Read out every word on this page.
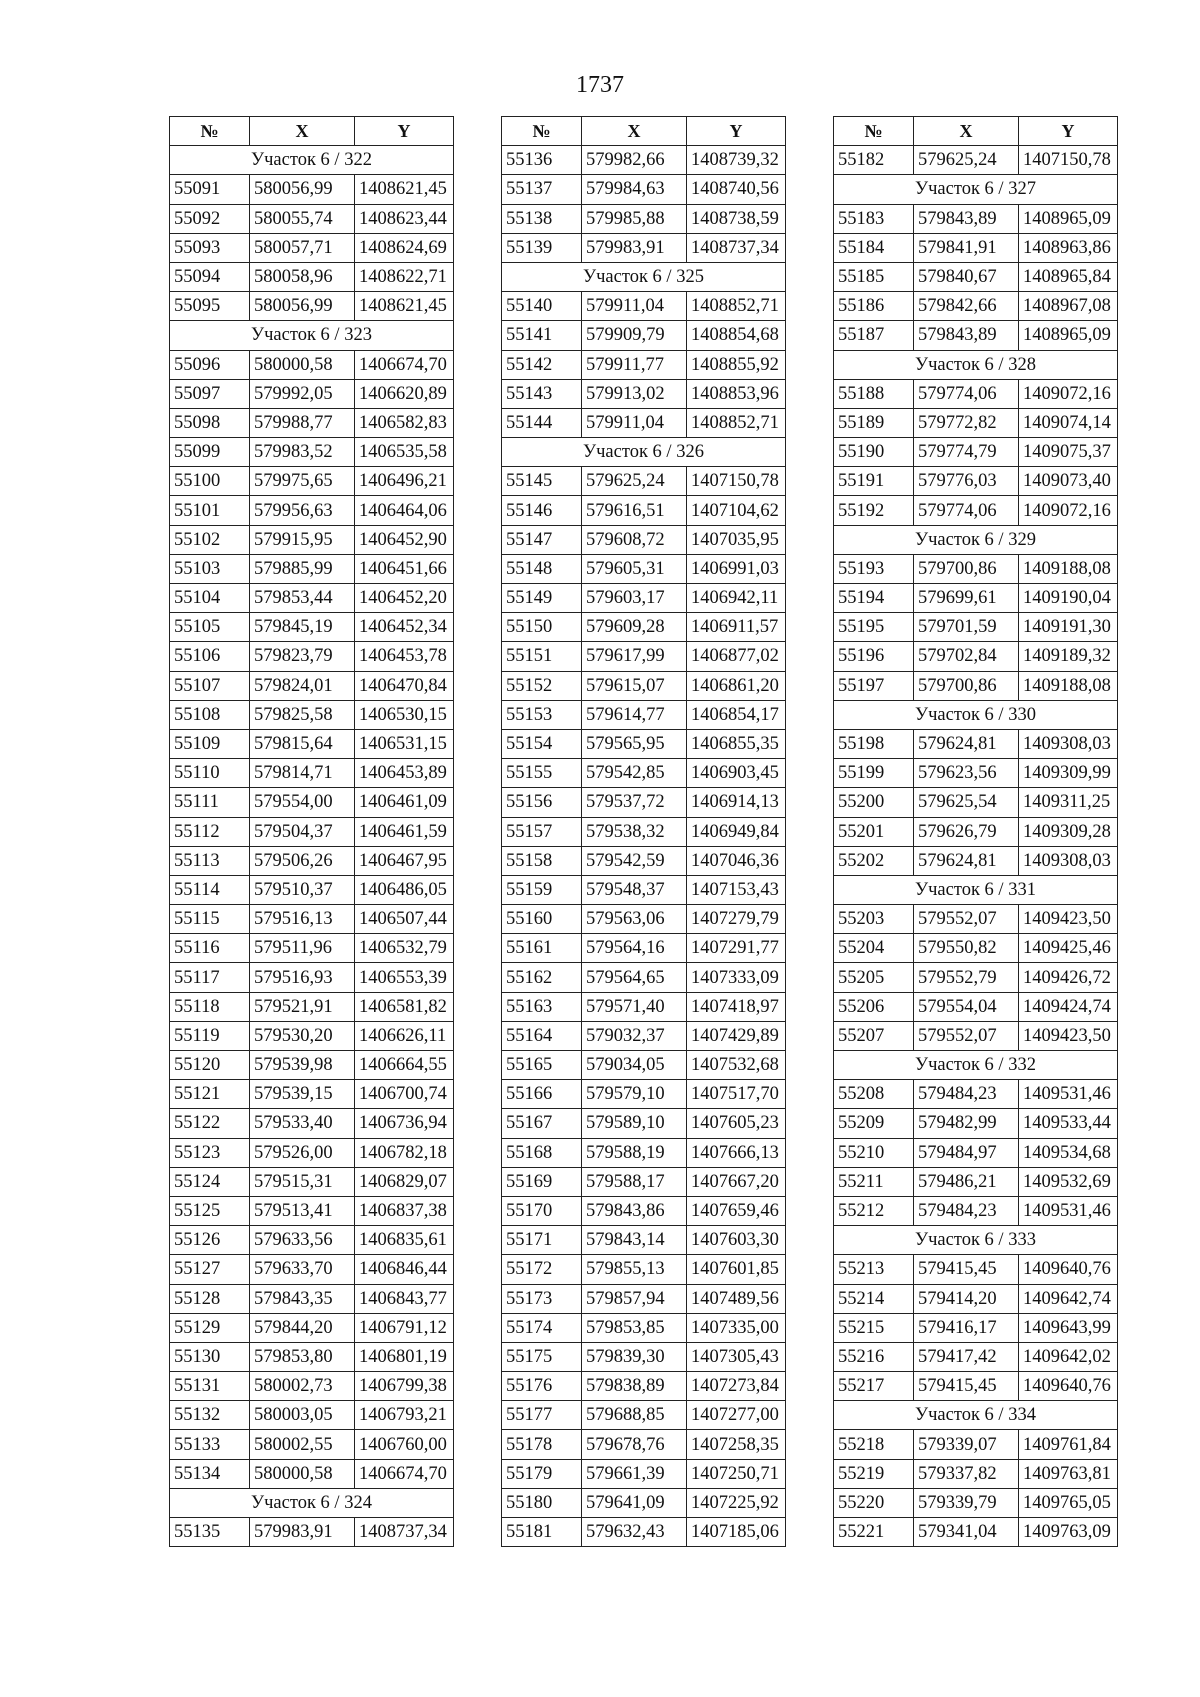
1737
№	X	Y
Участок 6 / 322		
55091	580056,99	1408621,45
55092	580055,74	1408623,44
55093	580057,71	1408624,69
55094	580058,96	1408622,71
55095	580056,99	1408621,45
Участок 6 / 323		
55096	580000,58	1406674,70
55097	579992,05	1406620,89
55098	579988,77	1406582,83
55099	579983,52	1406535,58
55100	579975,65	1406496,21
55101	579956,63	1406464,06
55102	579915,95	1406452,90
55103	579885,99	1406451,66
55104	579853,44	1406452,20
55105	579845,19	1406452,34
55106	579823,79	1406453,78
55107	579824,01	1406470,84
55108	579825,58	1406530,15
55109	579815,64	1406531,15
55110	579814,71	1406453,89
55111	579554,00	1406461,09
55112	579504,37	1406461,59
55113	579506,26	1406467,95
55114	579510,37	1406486,05
55115	579516,13	1406507,44
55116	579511,96	1406532,79
55117	579516,93	1406553,39
55118	579521,91	1406581,82
55119	579530,20	1406626,11
55120	579539,98	1406664,55
55121	579539,15	1406700,74
55122	579533,40	1406736,94
55123	579526,00	1406782,18
55124	579515,31	1406829,07
55125	579513,41	1406837,38
55126	579633,56	1406835,61
55127	579633,70	1406846,44
55128	579843,35	1406843,77
55129	579844,20	1406791,12
55130	579853,80	1406801,19
55131	580002,73	1406799,38
55132	580003,05	1406793,21
55133	580002,55	1406760,00
55134	580000,58	1406674,70
Участок 6 / 324		
55135	579983,91	1408737,34
№	X	Y
55136	579982,66	1408739,32
55137	579984,63	1408740,56
55138	579985,88	1408738,59
55139	579983,91	1408737,34
Участок 6 / 325		
55140	579911,04	1408852,71
55141	579909,79	1408854,68
55142	579911,77	1408855,92
55143	579913,02	1408853,96
55144	579911,04	1408852,71
Участок 6 / 326		
55145	579625,24	1407150,78
55146	579616,51	1407104,62
55147	579608,72	1407035,95
55148	579605,31	1406991,03
55149	579603,17	1406942,11
55150	579609,28	1406911,57
55151	579617,99	1406877,02
55152	579615,07	1406861,20
55153	579614,77	1406854,17
55154	579565,95	1406855,35
55155	579542,85	1406903,45
55156	579537,72	1406914,13
55157	579538,32	1406949,84
55158	579542,59	1407046,36
55159	579548,37	1407153,43
55160	579563,06	1407279,79
55161	579564,16	1407291,77
55162	579564,65	1407333,09
55163	579571,40	1407418,97
55164	579032,37	1407429,89
55165	579034,05	1407532,68
55166	579579,10	1407517,70
55167	579589,10	1407605,23
55168	579588,19	1407666,13
55169	579588,17	1407667,20
55170	579843,86	1407659,46
55171	579843,14	1407603,30
55172	579855,13	1407601,85
55173	579857,94	1407489,56
55174	579853,85	1407335,00
55175	579839,30	1407305,43
55176	579838,89	1407273,84
55177	579688,85	1407277,00
55178	579678,76	1407258,35
55179	579661,39	1407250,71
55180	579641,09	1407225,92
55181	579632,43	1407185,06
№	X	Y
55182	579625,24	1407150,78
Участок 6 / 327		
55183	579843,89	1408965,09
55184	579841,91	1408963,86
55185	579840,67	1408965,84
55186	579842,66	1408967,08
55187	579843,89	1408965,09
Участок 6 / 328		
55188	579774,06	1409072,16
55189	579772,82	1409074,14
55190	579774,79	1409075,37
55191	579776,03	1409073,40
55192	579774,06	1409072,16
Участок 6 / 329		
55193	579700,86	1409188,08
55194	579699,61	1409190,04
55195	579701,59	1409191,30
55196	579702,84	1409189,32
55197	579700,86	1409188,08
Участок 6 / 330		
55198	579624,81	1409308,03
55199	579623,56	1409309,99
55200	579625,54	1409311,25
55201	579626,79	1409309,28
55202	579624,81	1409308,03
Участок 6 / 331		
55203	579552,07	1409423,50
55204	579550,82	1409425,46
55205	579552,79	1409426,72
55206	579554,04	1409424,74
55207	579552,07	1409423,50
Участок 6 / 332		
55208	579484,23	1409531,46
55209	579482,99	1409533,44
55210	579484,97	1409534,68
55211	579486,21	1409532,69
55212	579484,23	1409531,46
Участок 6 / 333		
55213	579415,45	1409640,76
55214	579414,20	1409642,74
55215	579416,17	1409643,99
55216	579417,42	1409642,02
55217	579415,45	1409640,76
Участок 6 / 334		
55218	579339,07	1409761,84
55219	579337,82	1409763,81
55220	579339,79	1409765,05
55221	579341,04	1409763,09
